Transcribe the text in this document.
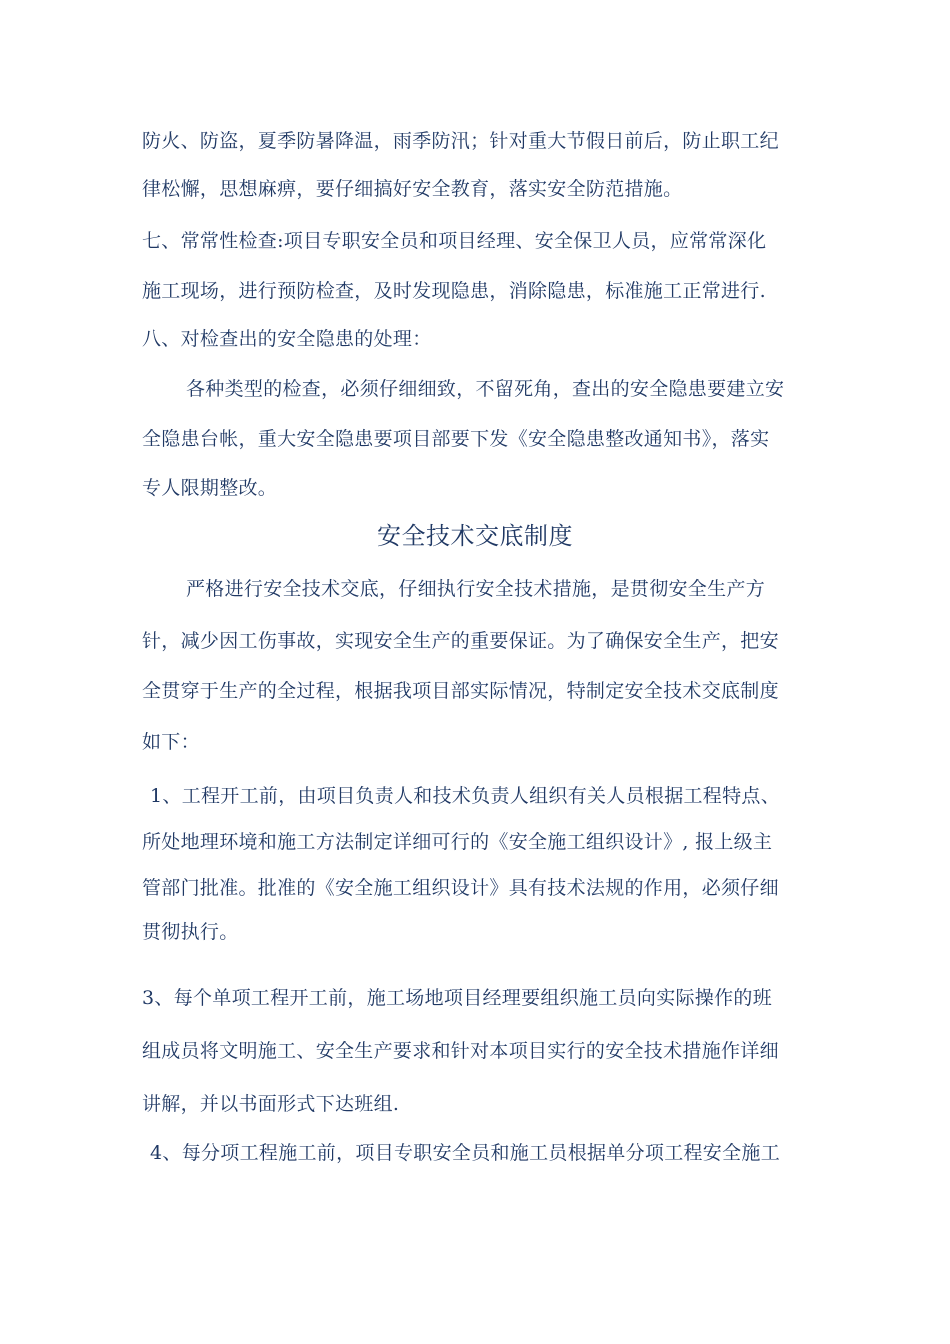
防火、防盗，夏季防暑降温，雨季防汛；针对重大节假日前后，防止职工纪
律松懈，思想麻痹，要仔细搞好安全教育，落实安全防范措施。
七、常常性检查:项目专职安全员和项目经理、安全保卫人员，应常常深化
施工现场，进行预防检查，及时发现隐患，消除隐患，标准施工正常进行.
八、对检查出的安全隐患的处理：
各种类型的检查，必须仔细细致，不留死角，查出的安全隐患要建立安
全隐患台帐，重大安全隐患要项目部要下发《安全隐患整改通知书》，落实
专人限期整改。
安全技术交底制度
严格进行安全技术交底，仔细执行安全技术措施，是贯彻安全生产方
针，减少因工伤事故，实现安全生产的重要保证。为了确保安全生产，把安
全贯穿于生产的全过程，根据我项目部实际情况，特制定安全技术交底制度
如下：
1、工程开工前，由项目负责人和技术负责人组织有关人员根据工程特点、
所处地理环境和施工方法制定详细可行的《安全施工组织设计》, 报上级主
管部门批准。批准的《安全施工组织设计》具有技术法规的作用，必须仔细
贯彻执行。
3、每个单项工程开工前，施工场地项目经理要组织施工员向实际操作的班
组成员将文明施工、安全生产要求和针对本项目实行的安全技术措施作详细
讲解，并以书面形式下达班组.
4、每分项工程施工前，项目专职安全员和施工员根据单分项工程安全施工
